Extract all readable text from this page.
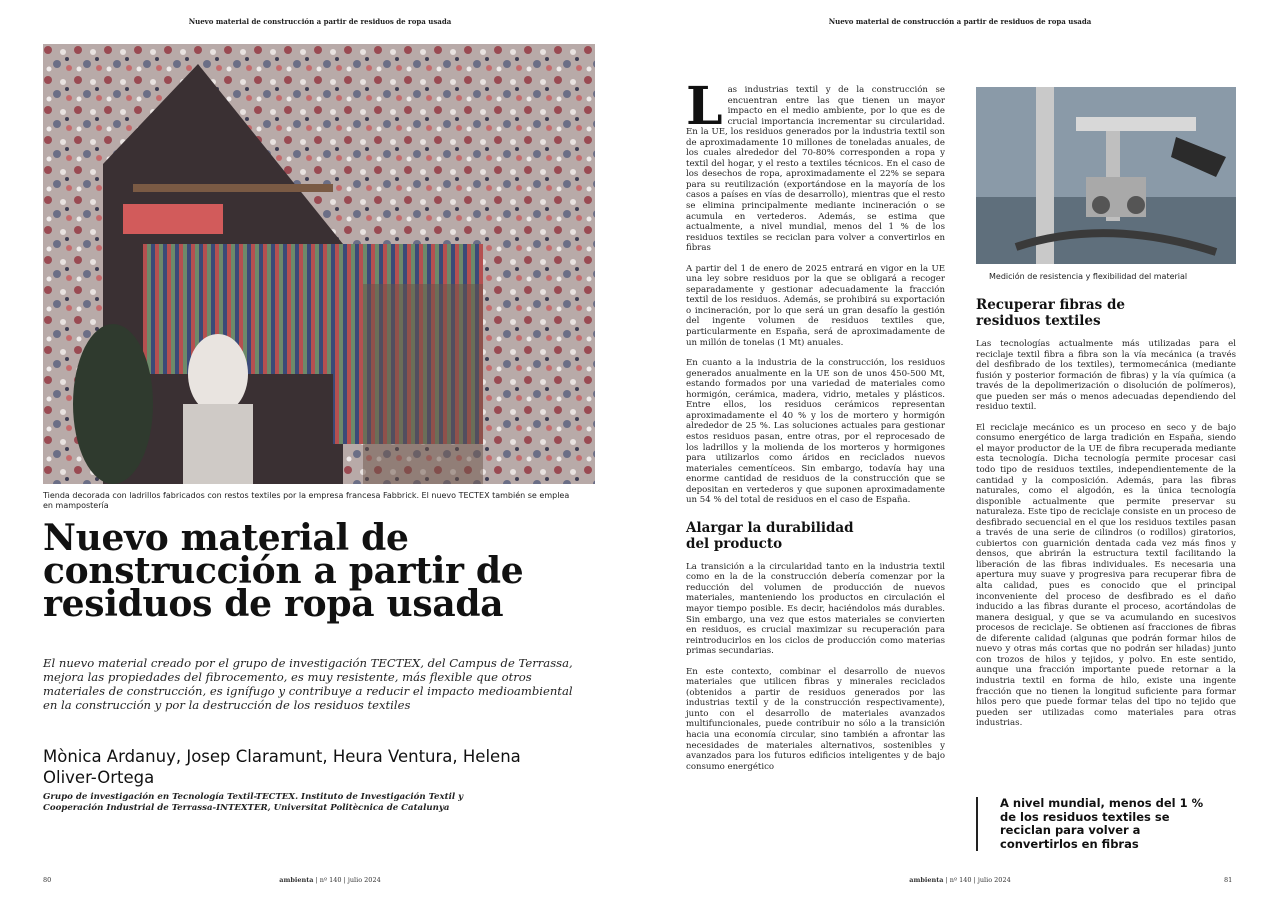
Nuevo material de construcción a partir de residuos de ropa usada
Tienda decorada con ladrillos fabricados con restos textiles por la empresa francesa Fabbrick. El nuevo TECTEX también se emplea en mampostería
Nuevo material de construcción a partir de residuos de ropa usada
El nuevo material creado por el grupo de investigación TECTEX, del Campus de Terrassa, mejora las propiedades del fibrocemento, es muy resistente, más flexible que otros materiales de construcción, es ignífugo y contribuye a reducir el impacto medioambiental en la construcción y por la destrucción de los residuos textiles
Mònica Ardanuy, Josep Claramunt, Heura Ventura, Helena Oliver-Ortega
Grupo de investigación en Tecnología Textil-TECTEX. Instituto de Investigación Textil y Cooperación Industrial de Terrassa-INTEXTER, Universitat Politècnica de Catalunya
80	ambienta | nº 140 | julio 2024
Nuevo material de construcción a partir de residuos de ropa usada

Las industrias textil y de la construcción se encuentran entre las que tienen un mayor impacto en el medio ambiente, por lo que es de crucial importancia incrementar su circularidad. En la UE, los residuos generados por la industria textil son de aproximadamente 10 millones de toneladas anuales, de los cuales alrededor del 70-80% corresponden a ropa y textil del hogar, y el resto a textiles técnicos. En el caso de los desechos de ropa, aproximadamente el 22% se separa para su reutilización (exportándose en la mayoría de los casos a países en vías de desarrollo), mientras que el resto se elimina principalmente mediante incineración o se acumula en vertederos. Además, se estima que actualmente, a nivel mundial, menos del 1 % de los residuos textiles se reciclan para volver a convertirlos en fibras

A partir del 1 de enero de 2025 entrará en vigor en la UE una ley sobre residuos por la que se obligará a recoger separadamente y gestionar adecuadamente la fracción textil de los residuos. Además, se prohibirá su exportación o incineración, por lo que será un gran desafío la gestión del ingente volumen de residuos textiles que, particularmente en España, será de aproximadamente de un millón de tonelas (1 Mt) anuales.

En cuanto a la industria de la construcción, los residuos generados anualmente en la UE son de unos 450-500 Mt, estando formados por una variedad de materiales como hormigón, cerámica, madera, vidrio, metales y plásticos. Entre ellos, los residuos cerámicos representan aproximadamente el 40 % y los de mortero y hormigón alrededor de 25 %. Las soluciones actuales para gestionar estos residuos pasan, entre otras, por el reprocesado de los ladrillos y la molienda de los morteros y hormigones para utilizarlos como áridos en reciclados nuevos materiales cementíceos. Sin embargo, todavía hay una enorme cantidad de residuos de la construcción que se depositan en vertederos y que suponen aproximadamente un 54 % del total de residuos en el caso de España.

Alargar la durabilidad del producto

La transición a la circularidad tanto en la industria textil como en la de la construcción debería comenzar por la reducción del volumen de producción de nuevos materiales, manteniendo los productos en circulación el mayor tiempo posible. Es decir, haciéndolos más durables. Sin embargo, una vez que estos materiales se convierten en residuos, es crucial maximizar su recuperación para reintroducirlos en los ciclos de producción como materias primas secundarias.

En este contexto, combinar el desarrollo de nuevos materiales que utilicen fibras y minerales reciclados (obtenidos a partir de residuos generados por las industrias textil y de la construcción respectivamente), junto con el desarrollo de materiales avanzados multifuncionales, puede contribuir no sólo a la transición hacia una economía circular, sino también a afrontar las necesidades de materiales alternativos, sostenibles y avanzados para los futuros edificios inteligentes y de bajo consumo energético

Medición de resistencia y flexibilidad del material
Recuperar fibras de residuos textiles

Las tecnologías actualmente más utilizadas para el reciclaje textil fibra a fibra son la vía mecánica (a través del desfibrado de los textiles), termomecánica (mediante fusión y posterior formación de fibras) y la vía química (a través de la depolimerización o disolución de polímeros), que pueden ser más o menos adecuadas dependiendo del residuo textil.

El reciclaje mecánico es un proceso en seco y de bajo consumo energético de larga tradición en España, siendo el mayor productor de la UE de fibra recuperada mediante esta tecnología. Dicha tecnología permite procesar casi todo tipo de residuos textiles, independientemente de la cantidad y la composición. Además, para las fibras naturales, como el algodón, es la única tecnología disponible actualmente que permite preservar su naturaleza. Este tipo de reciclaje consiste en un proceso de desfibrado secuencial en el que los residuos textiles pasan a través de una serie de cilindros (o rodillos) giratorios, cubiertos con guarnición dentada cada vez más finos y densos, que abrirán la estructura textil facilitando la liberación de las fibras individuales. Es necesaria una apertura muy suave y progresiva para recuperar fibra de alta calidad, pues es conocido que el principal inconveniente del proceso de desfibrado es el daño inducido a las fibras durante el proceso, acortándolas de manera desigual, y que se va acumulando en sucesivos procesos de reciclaje. Se obtienen así fracciones de fibras de diferente calidad (algunas que podrán formar hilos de nuevo y otras más cortas que no podrán ser hiladas) junto con trozos de hilos y tejidos, y polvo. En este sentido, aunque una fracción importante puede retornar a la industria textil en forma de hilo, existe una ingente fracción que no tienen la longitud suficiente para formar hilos pero que puede formar telas del tipo no tejido que pueden ser utilizadas como materiales para otras industrias.

A nivel mundial, menos del 1 % de los residuos textiles se reciclan para volver a convertirlos en fibras
ambienta | nº 140 | julio 2024	81
